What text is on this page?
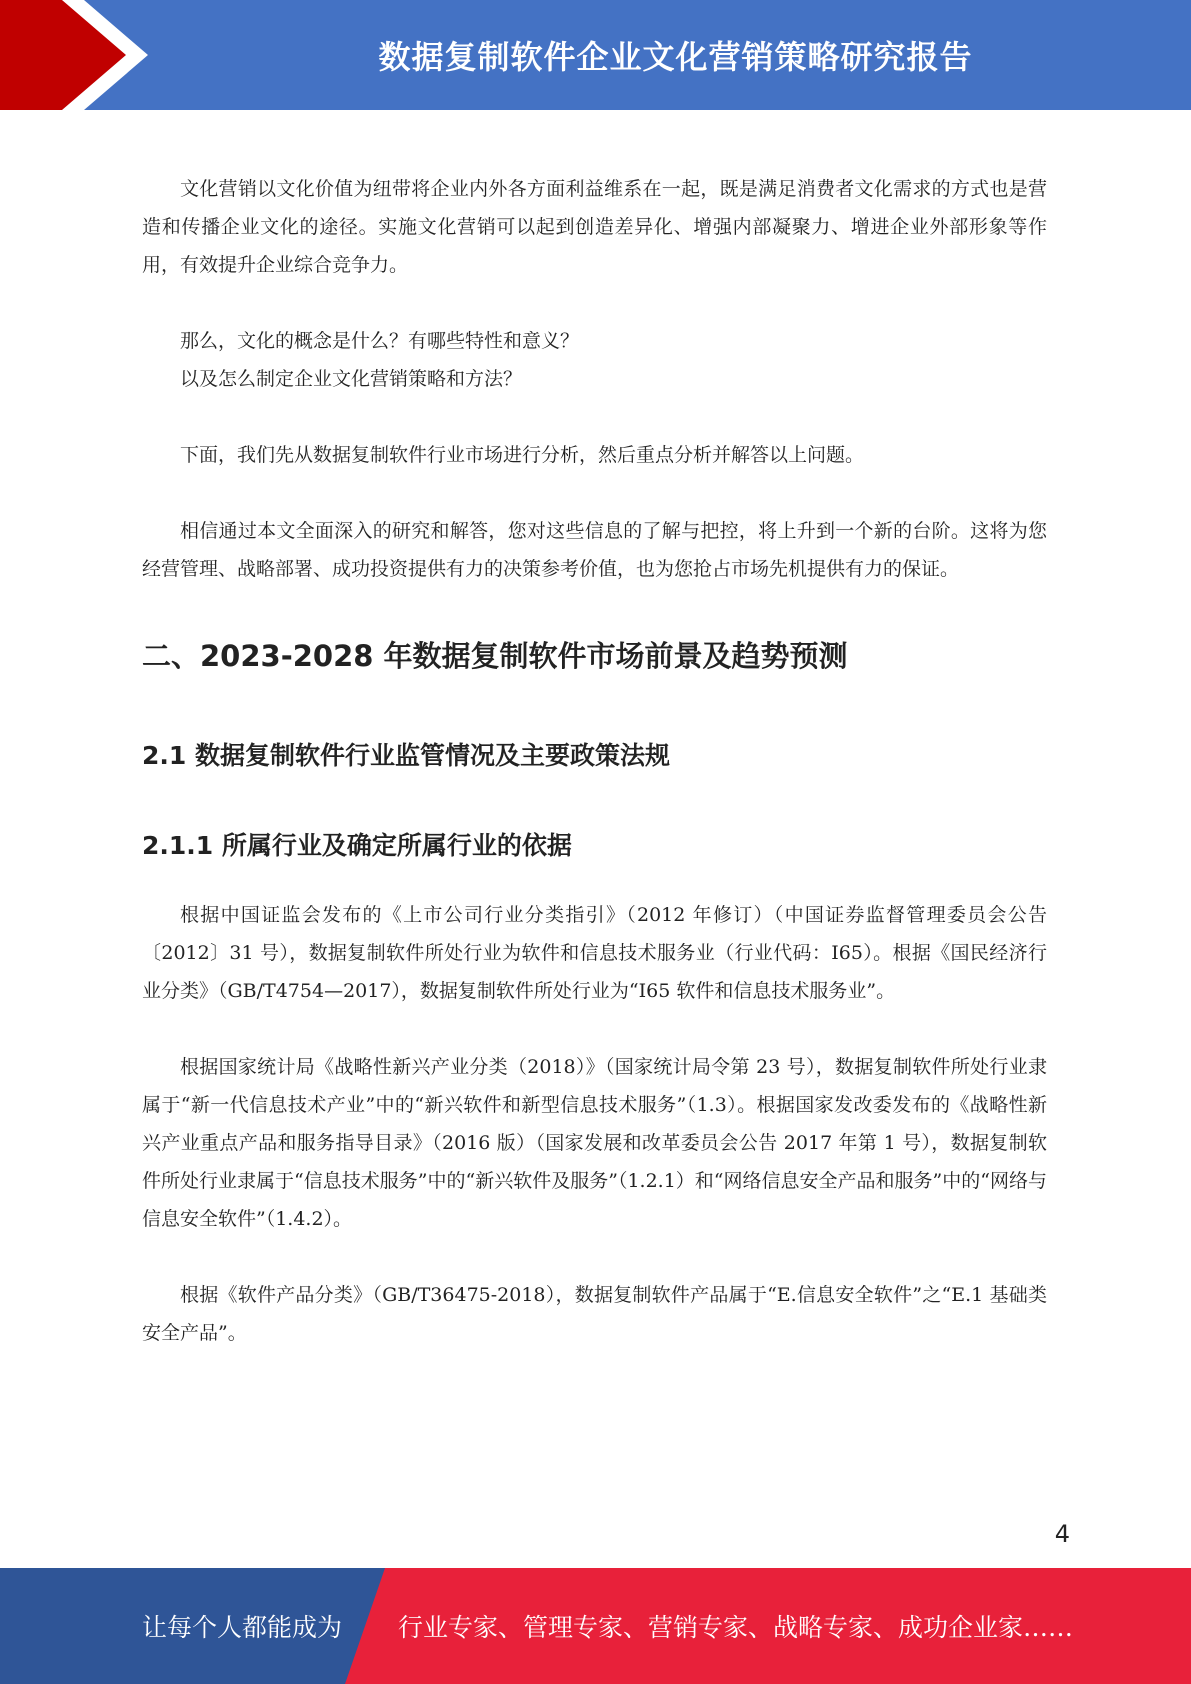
数据复制软件企业文化营销策略研究报告

文化营销以文化价值为纽带将企业内外各方面利益维系在一起，既是满足消费者文化需求的方式也是营造和传播企业文化的途径。实施文化营销可以起到创造差异化、增强内部凝聚力、增进企业外部形象等作用，有效提升企业综合竞争力。

那么，文化的概念是什么？有哪些特性和意义？

以及怎么制定企业文化营销策略和方法？

下面，我们先从数据复制软件行业市场进行分析，然后重点分析并解答以上问题。

相信通过本文全面深入的研究和解答，您对这些信息的了解与把控，将上升到一个新的台阶。这将为您经营管理、战略部署、成功投资提供有力的决策参考价值，也为您抢占市场先机提供有力的保证。

二、2023-2028 年数据复制软件市场前景及趋势预测
2.1 数据复制软件行业监管情况及主要政策法规
2.1.1 所属行业及确定所属行业的依据

根据中国证监会发布的《上市公司行业分类指引》（2012 年修订）（中国证券监督管理委员会公告〔2012〕31 号），数据复制软件所处行业为软件和信息技术服务业（行业代码：I65）。根据《国民经济行业分类》（GB/T4754—2017），数据复制软件所处行业为“I65 软件和信息技术服务业”。

根据国家统计局《战略性新兴产业分类（2018）》（国家统计局令第 23 号），数据复制软件所处行业隶属于“新一代信息技术产业”中的“新兴软件和新型信息技术服务”（1.3）。根据国家发改委发布的《战略性新兴产业重点产品和服务指导目录》（2016 版）（国家发展和改革委员会公告 2017 年第 1 号），数据复制软件所处行业隶属于“信息技术服务”中的“新兴软件及服务”（1.2.1）和“网络信息安全产品和服务”中的“网络与信息安全软件”（1.4.2）。

根据《软件产品分类》（GB/T36475-2018），数据复制软件产品属于“E.信息安全软件”之“E.1 基础类安全产品”。

4
让每个人都能成为 行业专家、管理专家、营销专家、战略专家、成功企业家……
